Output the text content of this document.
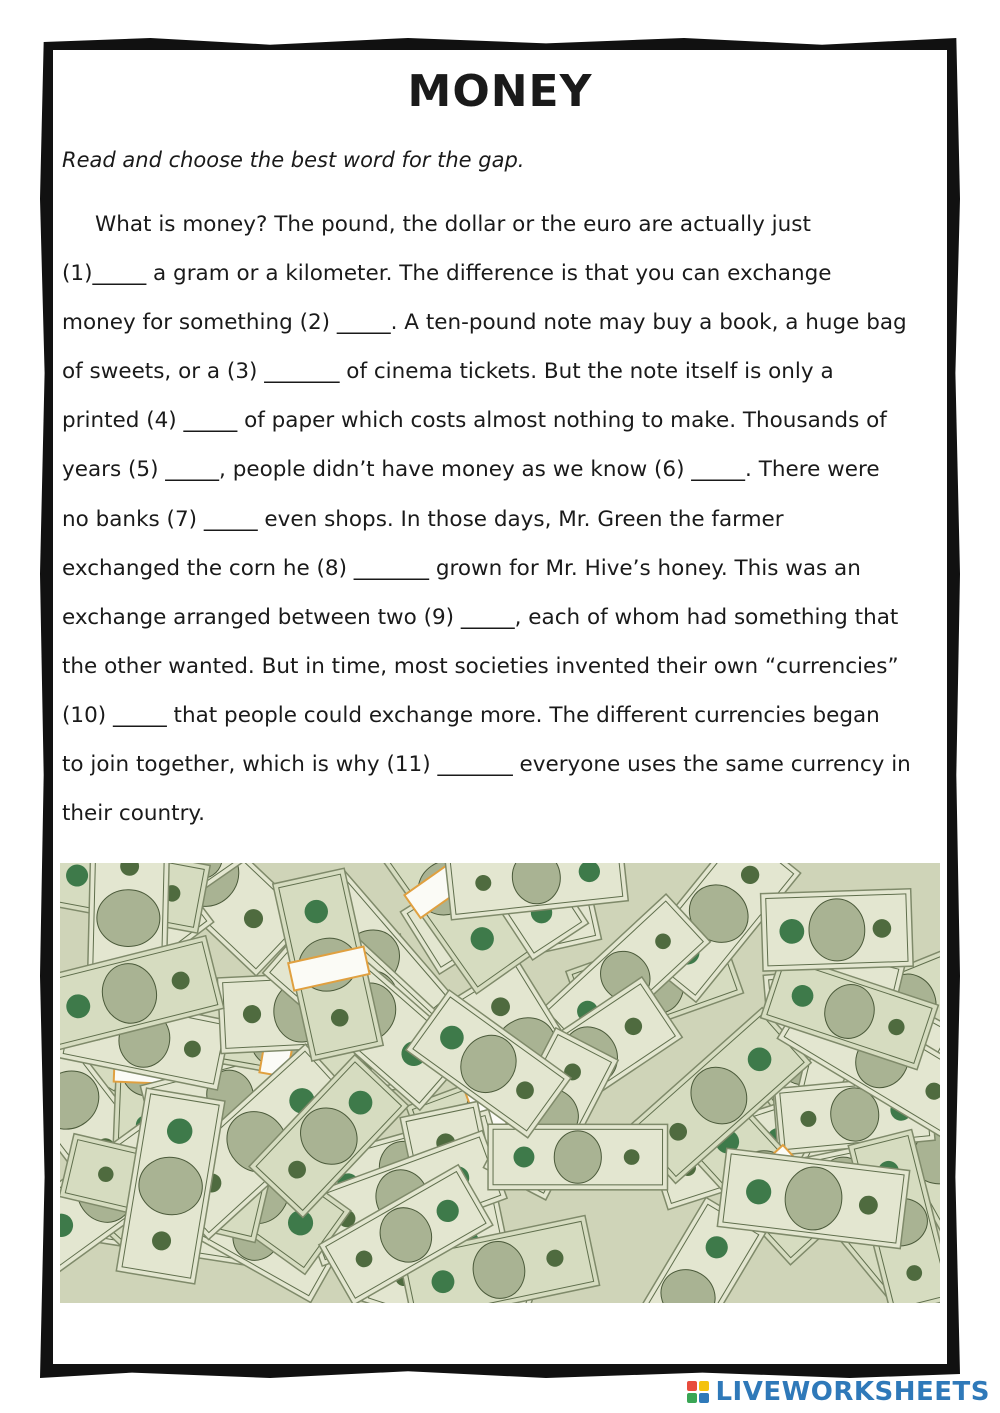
MONEY
Read and choose the best word for the gap.
What is money? The pound, the dollar or the euro are actually just
(1)_____ a gram or a kilometer. The difference is that you can exchange
money for something (2) _____. A ten-pound note may buy a book, a huge bag
of sweets, or a (3) _______ of cinema tickets. But the note itself is only a
printed (4) _____ of paper which costs almost nothing to make. Thousands of
years (5) _____, people didn’t have money as we know (6) _____. There were
no banks (7) _____ even shops. In those days, Mr. Green the farmer
exchanged the corn he (8) _______ grown for Mr. Hive’s honey. This was an
exchange arranged between two (9) _____, each of whom had something that
the other wanted. But in time, most societies invented their own “currencies”
(10) _____ that people could exchange more. The different currencies began
to join together, which is why (11) _______ everyone uses the same currency in
their country.
LIVEWORKSHEETS
